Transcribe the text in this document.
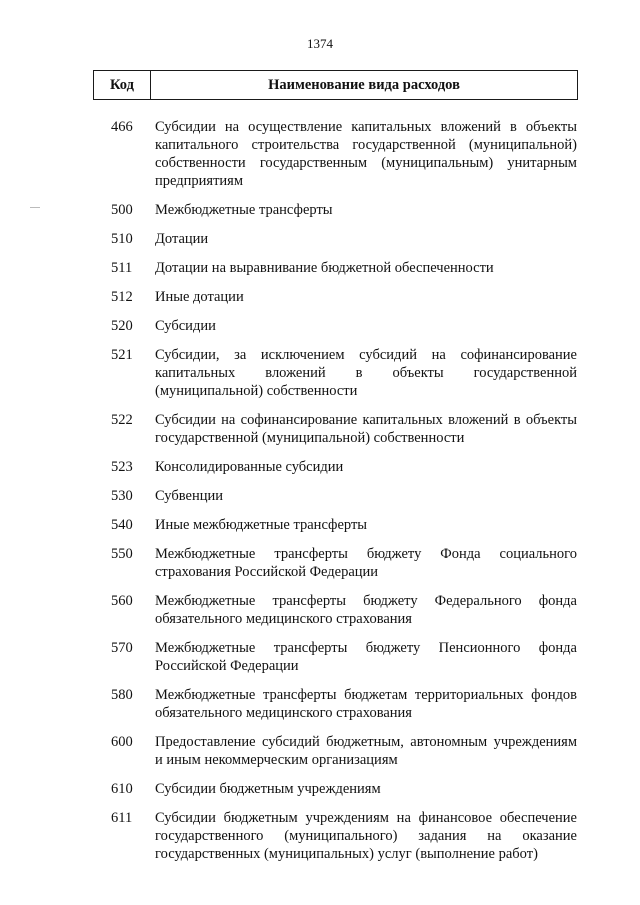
1374
Код	Наименование вида расходов
466	Субсидии на осуществление капитальных вложений в объекты капитального строительства государственной (муниципальной) собственности государственным (муниципальным) унитарным предприятиям
500	Межбюджетные трансферты
510	Дотации
511	Дотации на выравнивание бюджетной обеспеченности
512	Иные дотации
520	Субсидии
521	Субсидии, за исключением субсидий на софинансирование капитальных вложений в объекты государственной (муниципальной) собственности
522	Субсидии на софинансирование капитальных вложений в объекты государственной (муниципальной) собственности
523	Консолидированные субсидии
530	Субвенции
540	Иные межбюджетные трансферты
550	Межбюджетные трансферты бюджету Фонда социального страхования Российской Федерации
560	Межбюджетные трансферты бюджету Федерального фонда обязательного медицинского страхования
570	Межбюджетные трансферты бюджету Пенсионного фонда Российской Федерации
580	Межбюджетные трансферты бюджетам территориальных фондов обязательного медицинского страхования
600	Предоставление субсидий бюджетным, автономным учреждениям и иным некоммерческим организациям
610	Субсидии бюджетным учреждениям
611	Субсидии бюджетным учреждениям на финансовое обеспечение государственного (муниципального) задания на оказание государственных (муниципальных) услуг (выполнение работ)
